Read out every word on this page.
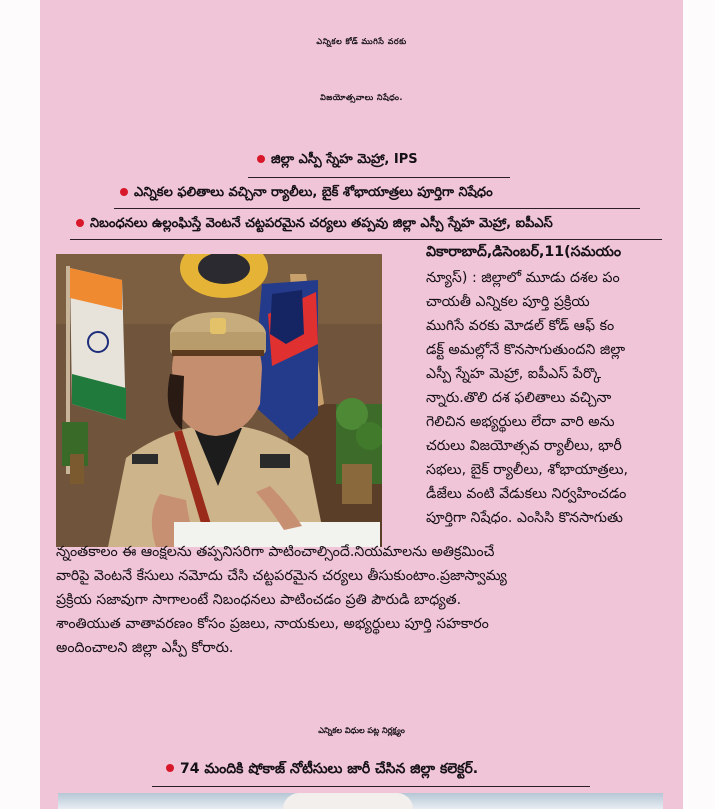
ఎన్నికల కోడ్ ముగిసే వరకు
విజయోత్సవాలు నిషేధం.
జిల్లా ఎస్పీ స్నేహ మెహ్రా, IPS
ఎన్నికల ఫలితాలు వచ్చినా ర్యాలీలు, బైక్ శోభాయాత్రలు పూర్తిగా నిషేధం
నిబంధనలు ఉల్లంఘిస్తే వెంటనే చట్టపరమైన చర్యలు తప్పవు జిల్లా ఎస్పీ స్నేహ మెహ్రా, ఐపీఎస్
వికారాబాద్,డిసెంబర్,11(సమయం
న్యూస్) : జిల్లాలో మూడు దశల పం
చాయతీ ఎన్నికల పూర్తి ప్రక్రియ
ముగిసే వరకు మోడల్ కోడ్ ఆఫ్ కం
డక్ట్ అమల్లోనే కొనసాగుతుందని జిల్లా
ఎస్పీ స్నేహ మెహ్రా, ఐపీఎస్ పేర్కొ
న్నారు.తొలి దశ ఫలితాలు వచ్చినా
గెలిచిన అభ్యర్థులు లేదా వారి అను
చరులు విజయోత్సవ ర్యాలీలు, భారీ
సభలు, బైక్ ర్యాలీలు, శోభాయాత్రలు,
డీజేలు వంటి వేడుకలు నిర్వహించడం
పూర్తిగా నిషేధం. ఎంసిసి కొనసాగుతు
న్నంతకాలం ఈ ఆంక్షలను తప్పనిసరిగా పాటించాల్సిందే.నియమాలను అతిక్రమించే
వారిపై వెంటనే కేసులు నమోదు చేసి చట్టపరమైన చర్యలు తీసుకుంటాం.ప్రజాస్వామ్య
ప్రక్రియ సజావుగా సాగాలంటే నిబంధనలు పాటించడం ప్రతి పౌరుడి బాధ్యత.
శాంతియుత వాతావరణం కోసం ప్రజలు, నాయకులు, అభ్యర్థులు పూర్తి సహకారం
అందించాలని జిల్లా ఎస్పీ కోరారు.
ఎన్నికల విధుల పట్ల నిర్లక్ష్యం
74 మందికి షోకాజ్ నోటీసులు జారీ చేసిన జిల్లా కలెక్టర్.
